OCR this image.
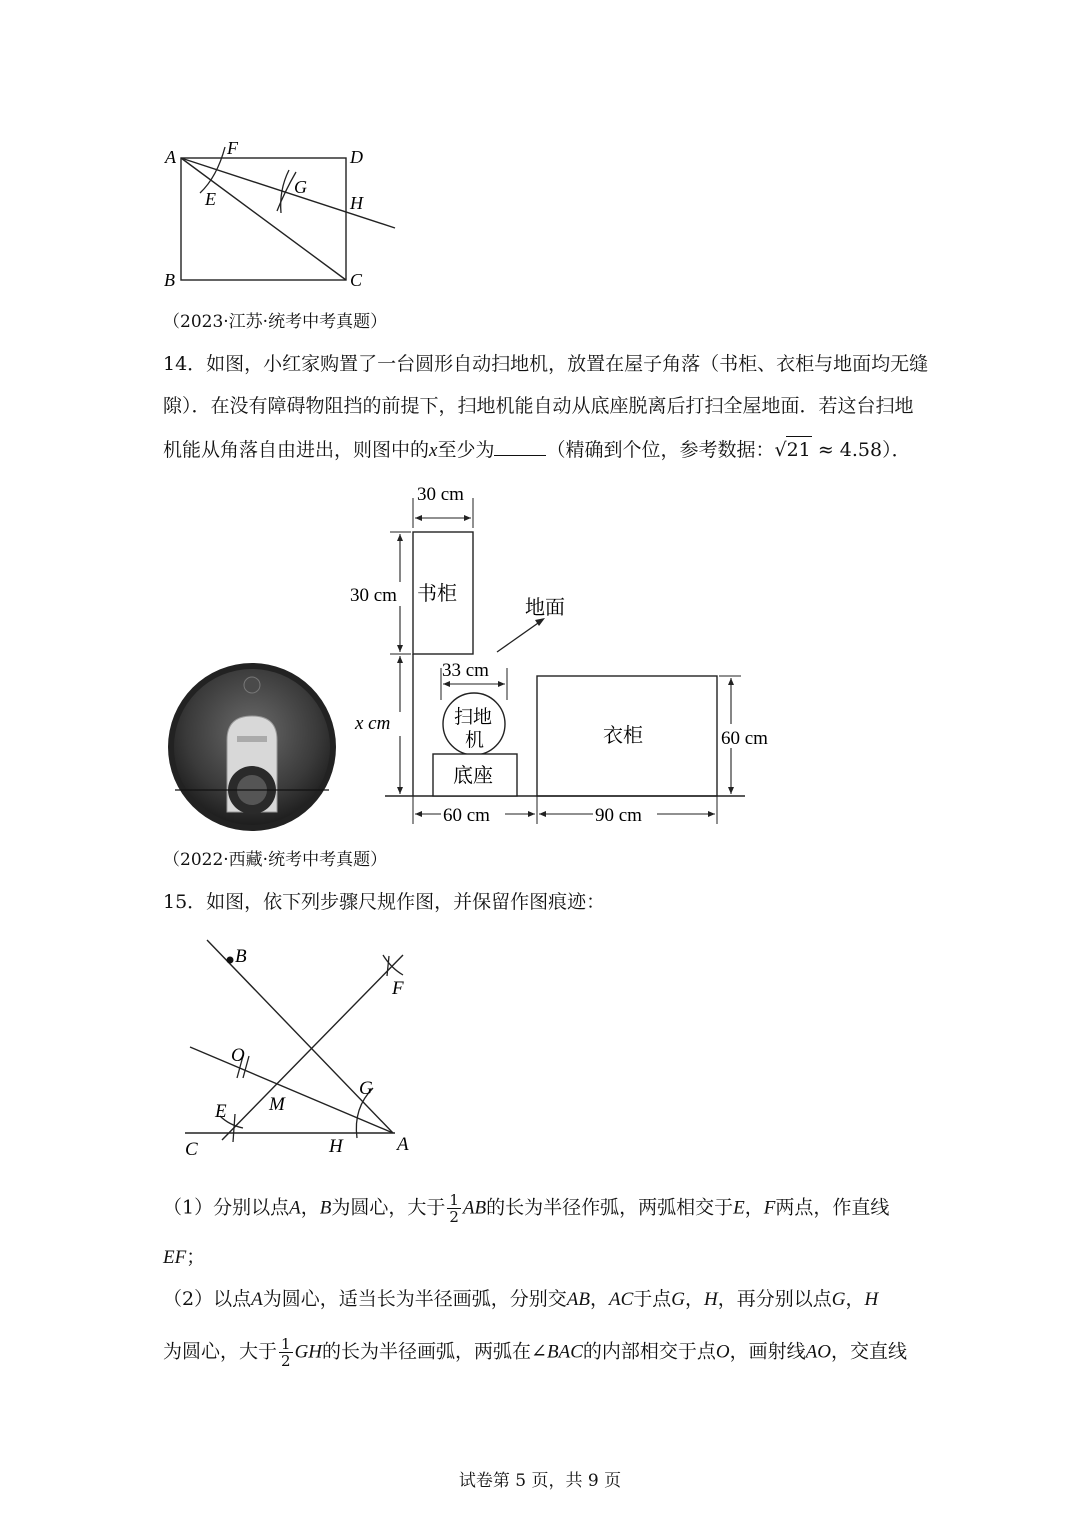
A	F	D
E
G
H
B	C
（2023·江苏·统考中考真题）
14．如图，小红家购置了一台圆形自动扫地机，放置在屋子角落（书柜、衣柜与地面均无缝
隙）．在没有障碍物阻挡的前提下，扫地机能自动从底座脱离后打扫全屋地面．若这台扫地
机能从角落自由进出，则图中的x至少为	（精确到个位，参考数据：√21 ≈ 4.58）．
书柜
30 cm
30 cm
x cm
地面
33 cm
扫地
机
底座
衣柜	60 cm
60 cm	90 cm
（2022·西藏·统考中考真题）
15．如图，依下列步骤尺规作图，并保留作图痕迹：
B
F
O
G
E M
C	H	A
（1）分别以点A，B为圆心，大于 $\frac{1}{2}$ AB的长为半径作弧，两弧相交于E，F两点，作直线
EF；
（2）以点A为圆心，适当长为半径画弧，分别交AB，AC于点G，H，再分别以点G，H
为圆心，大于 $\frac{1}{2}$ GH的长为半径画弧，两弧在∠BAC的内部相交于点O，画射线AO，交直线
试卷第 5 页，共 9 页
